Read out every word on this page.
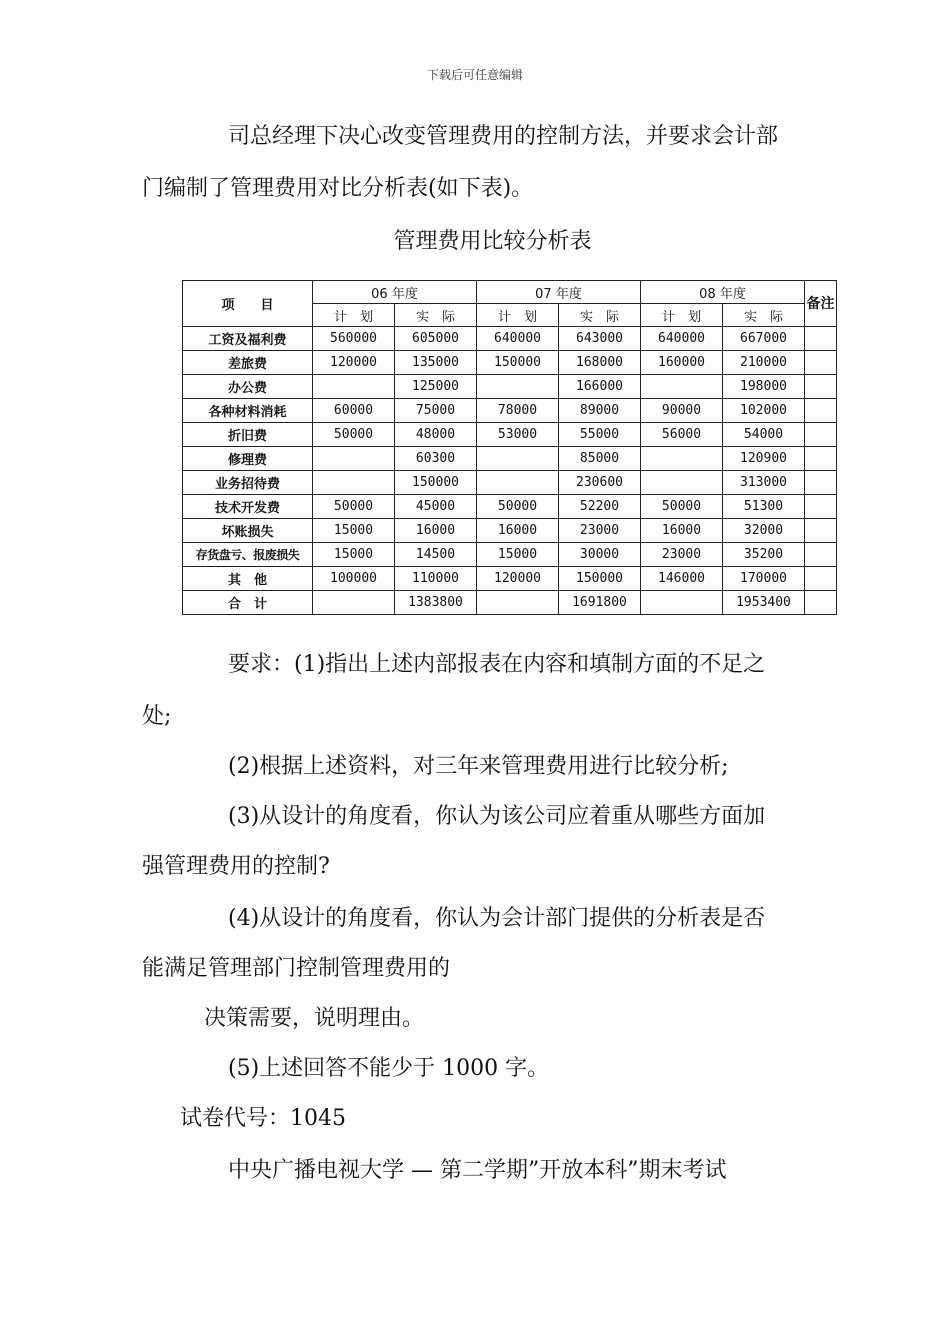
下载后可任意编辑
司总经理下决心改变管理费用的控制方法，并要求会计部
门编制了管理费用对比分析表(如下表)。
管理费用比较分析表
项　　目	06 年度		07 年度		08 年度		备注
	计　划	实　际	计　划	实　际	计　划	实　际	
工资及福利费	560000	605000	640000	643000	640000	667000	
差旅费	120000	135000	150000	168000	160000	210000	
办公费		125000		166000		198000	
各种材料消耗	60000	75000	78000	89000	90000	102000	
折旧费	50000	48000	53000	55000	56000	54000	
修理费		60300		85000		120900	
业务招待费		150000		230600		313000	
技术开发费	50000	45000	50000	52200	50000	51300	
坏账损失	15000	16000	16000	23000	16000	32000	
存货盘亏、报废损失	15000	14500	15000	30000	23000	35200	
其　他	100000	110000	120000	150000	146000	170000	
合　计		1383800		1691800		1953400	
要求：(1)指出上述内部报表在内容和填制方面的不足之
处;
(2)根据上述资料，对三年来管理费用进行比较分析;
(3)从设计的角度看，你认为该公司应着重从哪些方面加
强管理费用的控制?
(4)从设计的角度看，你认为会计部门提供的分析表是否
能满足管理部门控制管理费用的
决策需要，说明理由。
(5)上述回答不能少于 1000 字。
试卷代号：1045
中央广播电视大学 — 第二学期”开放本科”期末考试
